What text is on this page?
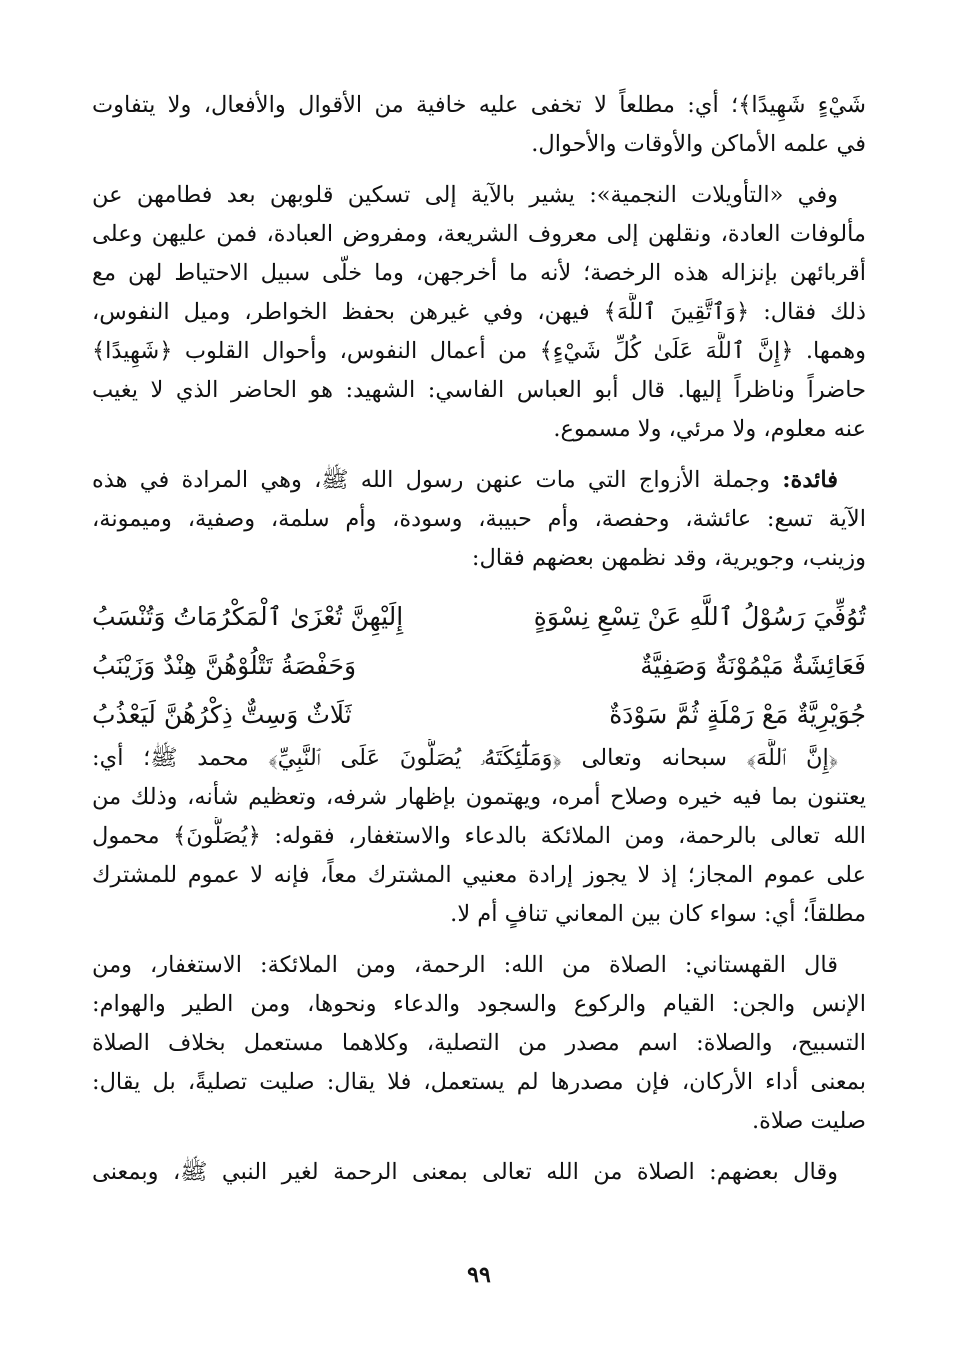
شَيْءٍ شَهِيدًا﴾؛ أي: مطلعاً لا تخفى عليه خافية من الأقوال والأفعال، ولا يتفاوت
في علمه الأماكن والأوقات والأحوال.

وفي «التأويلات النجمية»: يشير بالآية إلى تسكين قلوبهن بعد فطامهن عن
مألوفات العادة، ونقلهن إلى معروف الشريعة، ومفروض العبادة، فمن عليهن وعلى
أقربائهن بإنزاله هذه الرخصة؛ لأنه ما أخرجهن، وما خلّى سبيل الاحتياط لهن مع
ذلك فقال: ﴿وَٱتَّقِينَ ٱللَّهَ﴾ فيهن، وفي غيرهن بحفظ الخواطر، وميل النفوس،
وهمها. ﴿إِنَّ ٱللَّهَ عَلَىٰ كُلِّ شَيْءٍ﴾ من أعمال النفوس، وأحوال القلوب ﴿شَهِيدًا﴾
حاضراً وناظراً إليها. قال أبو العباس الفاسي: الشهيد: هو الحاضر الذي لا يغيب
عنه معلوم، ولا مرئي، ولا مسموع.

فائدة: وجملة الأزواج التي مات عنهن رسول الله ﷺ، وهي المرادة في هذه
الآية تسع: عائشة، وحفصة، وأم حبيبة، وسودة، وأم سلمة، وصفية، وميمونة،
وزينب، وجويرية، وقد نظمهن بعضهم فقال:

تُوُفِّيَ رَسُوْلُ ٱللَّهِ عَنْ تِسْعِ نِسْوَةٍ
إِلَيْهِنَّ تُعْزَىٰ ٱلْمَكْرُمَاتُ وَتُنْسَبُ
فَعَائِشَةٌ مَيْمُوْنَةٌ وَصَفِيَّةٌ
وَحَفْصَةُ تَتْلُوْهُنَّ هِنْدٌ وَزَيْنَبُ
جُوَيْرِيَّةٌ مَعْ رَمْلَةٍ ثُمَّ سَوْدَةٌ
ثَلَاثٌ وَسِتٌّ ذِكْرُهُنَّ لَيَعْذُبُ

﴿إِنَّ ٱللَّهَ﴾ سبحانه وتعالى ﴿وَمَلَٰٓئِكَتَهُۥ يُصَلُّونَ عَلَى ٱلنَّبِيِّ﴾ محمد ﷺ؛ أي:
يعتنون بما فيه خيره وصلاح أمره، ويهتمون بإظهار شرفه، وتعظيم شأنه، وذلك من
الله تعالى بالرحمة، ومن الملائكة بالدعاء والاستغفار، فقوله: ﴿يُصَلُّونَ﴾ محمول
على عموم المجاز؛ إذ لا يجوز إرادة معنيي المشترك معاً، فإنه لا عموم للمشترك
مطلقاً؛ أي: سواء كان بين المعاني تنافٍ أم لا.

قال القهستاني: الصلاة من الله: الرحمة، ومن الملائكة: الاستغفار، ومن
الإنس والجن: القيام والركوع والسجود والدعاء ونحوها، ومن الطير والهوام:
التسبيح، والصلاة: اسم مصدر من التصلية، وكلاهما مستعمل بخلاف الصلاة
بمعنى أداء الأركان، فإن مصدرها لم يستعمل، فلا يقال: صليت تصليةً، بل يقال:
صليت صلاة.

وقال بعضهم: الصلاة من الله تعالى بمعنى الرحمة لغير النبي ﷺ، وبمعنى

٩٩
